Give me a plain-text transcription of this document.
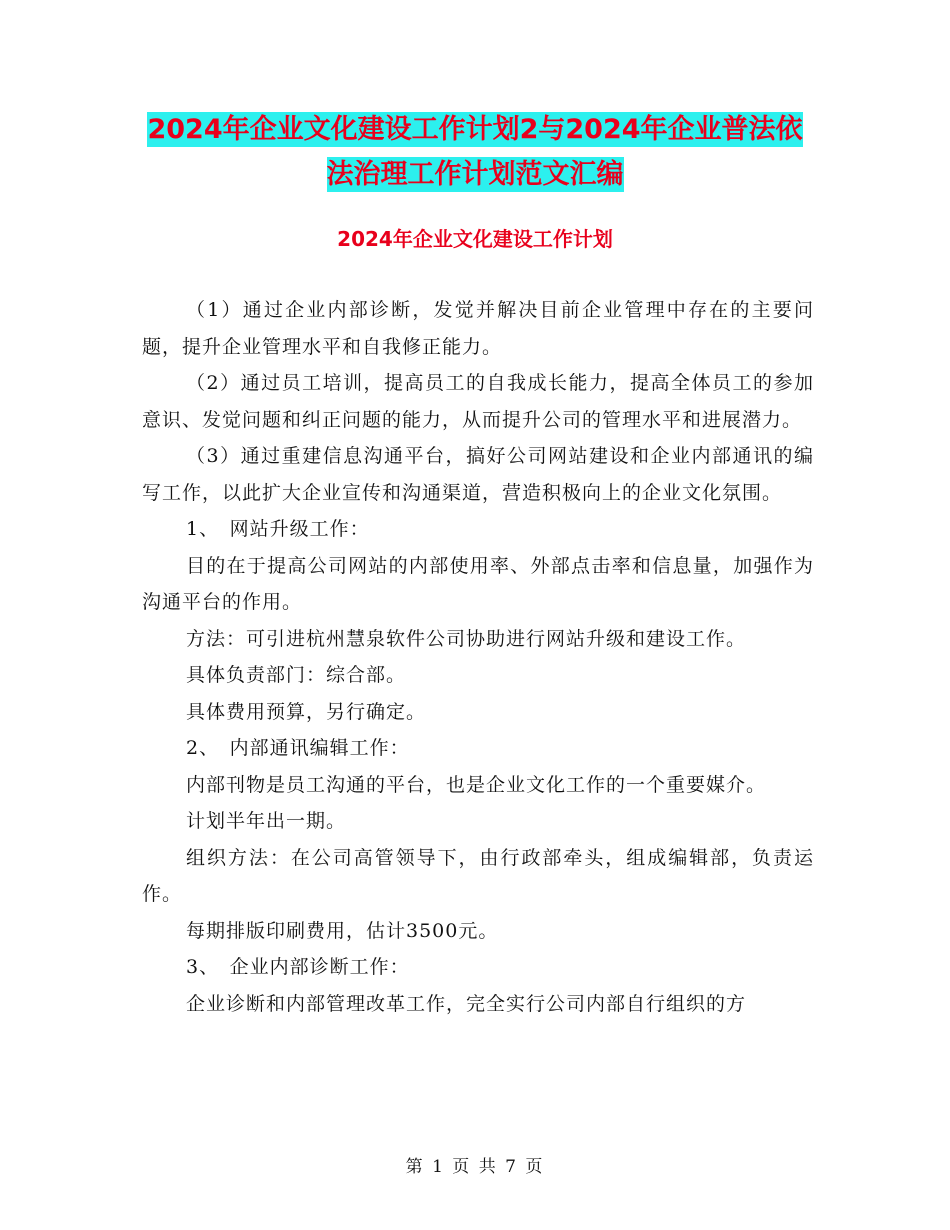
2024年企业文化建设工作计划2与2024年企业普法依
法治理工作计划范文汇编
2024年企业文化建设工作计划

（1）通过企业内部诊断，发觉并解决目前企业管理中存在的主要问题，提升企业管理水平和自我修正能力。

（2）通过员工培训，提高员工的自我成长能力，提高全体员工的参加意识、发觉问题和纠正问题的能力，从而提升公司的管理水平和进展潜力。

（3）通过重建信息沟通平台，搞好公司网站建设和企业内部通讯的编写工作，以此扩大企业宣传和沟通渠道，营造积极向上的企业文化氛围。

1、　网站升级工作：

目的在于提高公司网站的内部使用率、外部点击率和信息量，加强作为沟通平台的作用。

方法：可引进杭州慧泉软件公司协助进行网站升级和建设工作。

具体负责部门：综合部。

具体费用预算，另行确定。

2、　内部通讯编辑工作：

内部刊物是员工沟通的平台，也是企业文化工作的一个重要媒介。

计划半年出一期。

组织方法：在公司高管领导下，由行政部牵头，组成编辑部，负责运作。

每期排版印刷费用，估计3500元。

3、　企业内部诊断工作：

企业诊断和内部管理改革工作，完全实行公司内部自行组织的方

第 1 页 共 7 页
